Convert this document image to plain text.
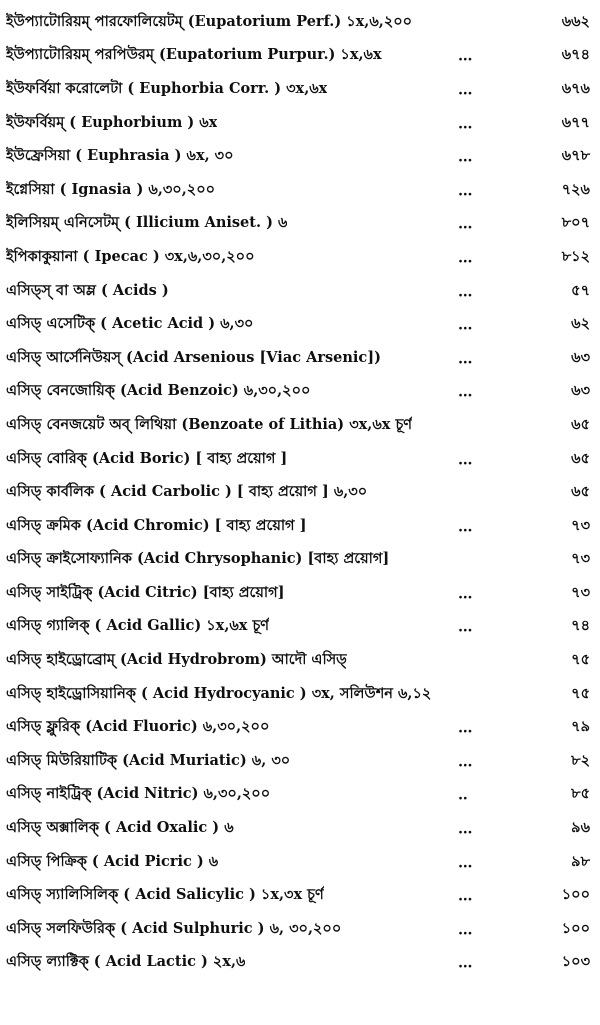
ইউপ্যাটোরিয়ম্ পারফোলিয়েটম্ (Eupatorium Perf.) ১x,৬,২০০	৬৬২
ইউপ্যাটোরিয়ম্ পরপিউরম্ (Eupatorium Purpur.) ১x,৬x	…	৬৭৪
ইউফর্বিয়া করোলেটা ( Euphorbia Corr. ) ৩x,৬x	…	৬৭৬
ইউফর্বিয়ম্ ( Euphorbium ) ৬x	…	৬৭৭
ইউফ্রেসিয়া ( Euphrasia ) ৬x, ৩০	…	৬৭৮
ইগ্নেসিয়া ( Ignasia ) ৬,৩০,২০০	…	৭২৬
ইলিসিয়ম্ এনিসেটম্ ( Illicium Aniset. ) ৬	…	৮০৭
ইপিকাকুয়ানা ( Ipecac ) ৩x,৬,৩০,২০০	…	৮১২
এসিড্স্ বা অম্ল ( Acids )	…	৫৭
এসিড্ এসেটিক্ ( Acetic Acid ) ৬,৩০	…	৬২
এসিড্ আর্সেনিউয়স্ (Acid Arsenious [Viac Arsenic])	…	৬৩
এসিড্ বেনজোয়িক্ (Acid Benzoic) ৬,৩০,২০০	…	৬৩
এসিড্ বেনজয়েট অব্ লিথিয়া (Benzoate of Lithia) ৩x,৬x চূর্ণ	৬৫
এসিড্ বোরিক্ (Acid Boric) [ বাহ্য প্রয়োগ ]	…	৬৫
এসিড্ কার্বলিক ( Acid Carbolic ) [ বাহ্য প্রয়োগ ] ৬,৩০	৬৫
এসিড্ ক্রমিক (Acid Chromic) [ বাহ্য প্রয়োগ ]	…	৭৩
এসিড্ ক্রাইসোফ্যানিক (Acid Chrysophanic) [বাহ্য প্রয়োগ]	৭৩
এসিড্ সাইট্রিক্ (Acid Citric) [বাহ্য প্রয়োগ]	…	৭৩
এসিড্ গ্যালিক্ ( Acid Gallic) ১x,৬x চূর্ণ	…	৭৪
এসিড্ হাইড্রোব্রোম্ (Acid Hydrobrom) আদৌ এসিড্	৭৫
এসিড্ হাইড্রোসিয়ানিক্ ( Acid Hydrocyanic ) ৩x, সলিউশন ৬,১২	৭৫
এসিড্ ফ্লুরিক্ (Acid Fluoric) ৬,৩০,২০০	…	৭৯
এসিড্ মিউরিয়াটিক্ (Acid Muriatic) ৬, ৩০	…	৮২
এসিড্ নাইট্রিক্ (Acid Nitric) ৬,৩০,২০০	‥	৮৫
এসিড্ অক্সালিক্ ( Acid Oxalic ) ৬	…	৯৬
এসিড্ পিক্রিক্ ( Acid Picric ) ৬	…	৯৮
এসিড্ স্যালিসিলিক্ ( Acid Salicylic ) ১x,৩x চূর্ণ	…	১০০
এসিড্ সলফিউরিক্ ( Acid Sulphuric ) ৬, ৩০,২০০	…	১০০
এসিড্ ল্যাক্টিক্ ( Acid Lactic ) ২x,৬	…	১০৩
